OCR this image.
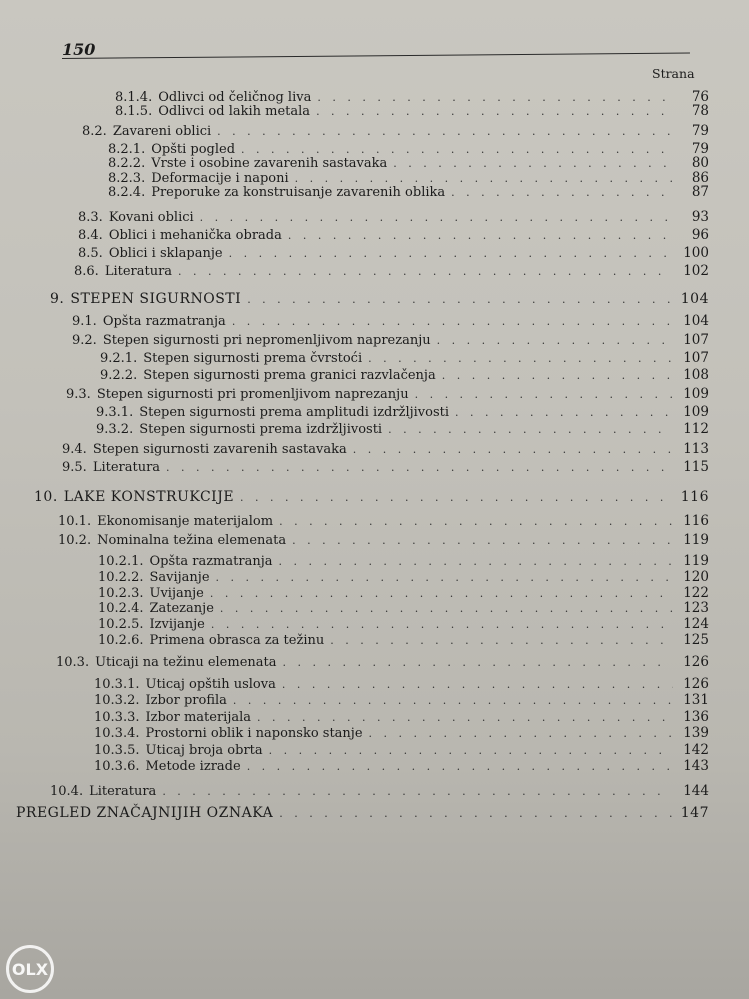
150
Strana
8.1.4. Odlivci od čeličnog liva . . .	76
8.1.5. Odlivci od lakih metala . . .	78
8.2. Zavareni oblici . . .	79
8.2.1. Opšti pogled . . .	79
8.2.2. Vrste i osobine zavarenih sastavaka . . .	80
8.2.3. Deformacije i naponi . . .	86
8.2.4. Preporuke za konstruisanje zavarenih oblika . . .	87
8.3. Kovani oblici . . .	93
8.4. Oblici i mehanička obrada . . .	96
8.5. Oblici i sklapanje . . .	100
8.6. Literatura . . .	102
9. STEPEN SIGURNOSTI . . .	104
9.1. Opšta razmatranja . . .	104
9.2. Stepen sigurnosti pri nepromenljivom naprezanju . . .	107
9.2.1. Stepen sigurnosti prema čvrstoći . . .	107
9.2.2. Stepen sigurnosti prema granici razvlačenja . . .	108
9.3. Stepen sigurnosti pri promenljivom naprezanju . . .	109
9.3.1. Stepen sigurnosti prema amplitudi izdržljivosti . . .	109
9.3.2. Stepen sigurnosti prema izdržljivosti . . .	112
9.4. Stepen sigurnosti zavarenih sastavaka . . .	113
9.5. Literatura . . .	115
10. LAKE KONSTRUKCIJE . . .	116
10.1. Ekonomisanje materijalom . . .	116
10.2. Nominalna težina elemenata . . .	119
10.2.1. Opšta razmatranja . . .	119
10.2.2. Savijanje . . .	120
10.2.3. Uvijanje . . .	122
10.2.4. Zatezanje . . .	123
10.2.5. Izvijanje . . .	124
10.2.6. Primena obrasca za težinu . . .	125
10.3. Uticaji na težinu elemenata . . .	126
10.3.1. Uticaj opštih uslova . . .	126
10.3.2. Izbor profila . . .	131
10.3.3. Izbor materijala . . .	136
10.3.4. Prostorni oblik i naponsko stanje . . .	139
10.3.5. Uticaj broja obrta . . .	142
10.3.6. Metode izrade . . .	143
10.4. Literatura . . .	144
PREGLED ZNAČAJNIJIH OZNAKA . . .	147
OLX
